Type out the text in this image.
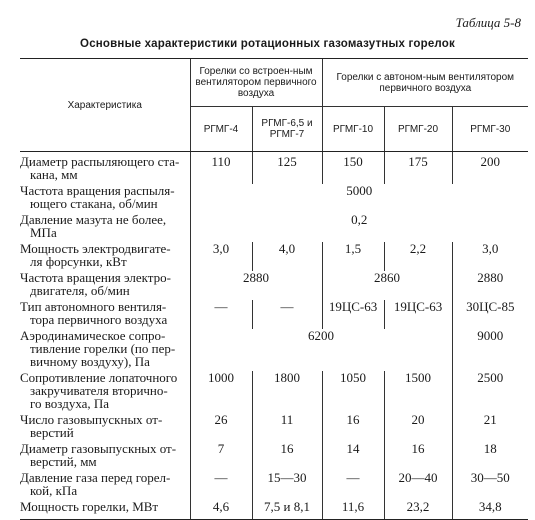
Таблица 5-8
Основные характеристики ротационных газомазутных горелок
Характеристика	Горелки со встроен-ным вентилятором первичного воздуха		Горелки с автоном-ным вентилятором первичного воздуха		
	РГМГ-4	РГМГ-6,5 и РГМГ-7	РГМГ-10	РГМГ-20	РГМГ-30

Диаметр распыляющего ста-
кана, мм	110	125	150	175	200

Частота вращения распыля-
ющего стакана, об/мин	5000				

Давление мазута не более,
МПа	0,2				

Мощность электродвигате-
ля форсунки, кВт	3,0	4,0	1,5	2,2	3,0

Частота вращения электро-
двигателя, об/мин	2880		2860		2880

Тип автономного вентиля-
тора первичного воздуха	—	—	19ЦС-63	19ЦС-63	30ЦС-85

Аэродинамическое сопро-
тивление горелки (по пер-
вичному воздуху), Па	6200				9000

Сопротивление лопаточного
закручивателя вторично-
го воздуха, Па	1000	1800	1050	1500	2500

Число газовыпускных от-
верстий	26	11	16	20	21

Диаметр газовыпускных от-
верстий, мм	7	16	14	16	18

Давление газа перед горел-
кой, кПа	—	15—30	—	20—40	30—50

Мощность горелки, МВт	4,6	7,5 и 8,1	11,6	23,2	34,8
